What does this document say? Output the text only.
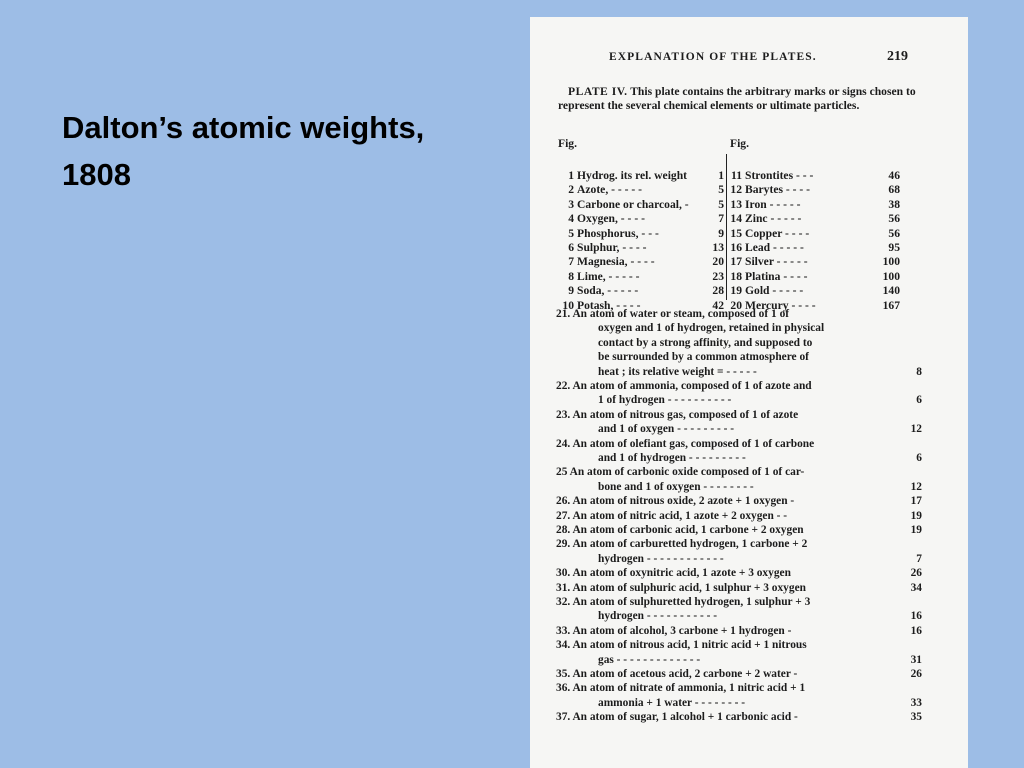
Dalton’s atomic weights,
1808
EXPLANATION OF THE PLATES.	219
PLATE IV. This plate contains the arbitrary marks or signs chosen to represent the several chemical elements or ultimate particles.
Fig.	Fig.
1 Hydrog. its rel. weight	1
2 Azote, - - - - -	5
3 Carbone or charcoal, -	5
4 Oxygen, - - - -	7
5 Phosphorus, - - -	9
6 Sulphur, - - - -	13
7 Magnesia, - - - -	20
8 Lime, - - - - -	23
9 Soda, - - - - -	28
10 Potash, - - - -	42
11 Strontites - - -	46
12 Barytes - - - -	68
13 Iron - - - - -	38
14 Zinc - - - - -	56
15 Copper - - - -	56
16 Lead - - - - -	95
17 Silver - - - - -	100
18 Platina - - - -	100
19 Gold - - - - -	140
20 Mercury - - - -	167
21. An atom of water or steam, composed of 1 of
oxygen and 1 of hydrogen, retained in physical
contact by a strong affinity, and supposed to
be surrounded by a common atmosphere of
heat ; its relative weight = - - - - -	8
22. An atom of ammonia, composed of 1 of azote and
1 of hydrogen - - - - - - - - - -	6
23. An atom of nitrous gas, composed of 1 of azote
and 1 of oxygen - - - - - - - - -	12
24. An atom of olefiant gas, composed of 1 of carbone
and 1 of hydrogen - - - - - - - - -	6
25 An atom of carbonic oxide composed of 1 of car-
bone and 1 of oxygen - - - - - - - -	12
26. An atom of nitrous oxide, 2 azote + 1 oxygen -	17
27. An atom of nitric acid, 1 azote + 2 oxygen - -	19
28. An atom of carbonic acid, 1 carbone + 2 oxygen	19
29. An atom of carburetted hydrogen, 1 carbone + 2
hydrogen - - - - - - - - - - - -	7
30. An atom of oxynitric acid, 1 azote + 3 oxygen	26
31. An atom of sulphuric acid, 1 sulphur + 3 oxygen	34
32. An atom of sulphuretted hydrogen, 1 sulphur + 3
hydrogen - - - - - - - - - - -	16
33. An atom of alcohol, 3 carbone + 1 hydrogen -	16
34. An atom of nitrous acid, 1 nitric acid + 1 nitrous
gas - - - - - - - - - - - - -	31
35. An atom of acetous acid, 2 carbone + 2 water -	26
36. An atom of nitrate of ammonia, 1 nitric acid + 1
ammonia + 1 water - - - - - - - -	33
37. An atom of sugar, 1 alcohol + 1 carbonic acid -	35
